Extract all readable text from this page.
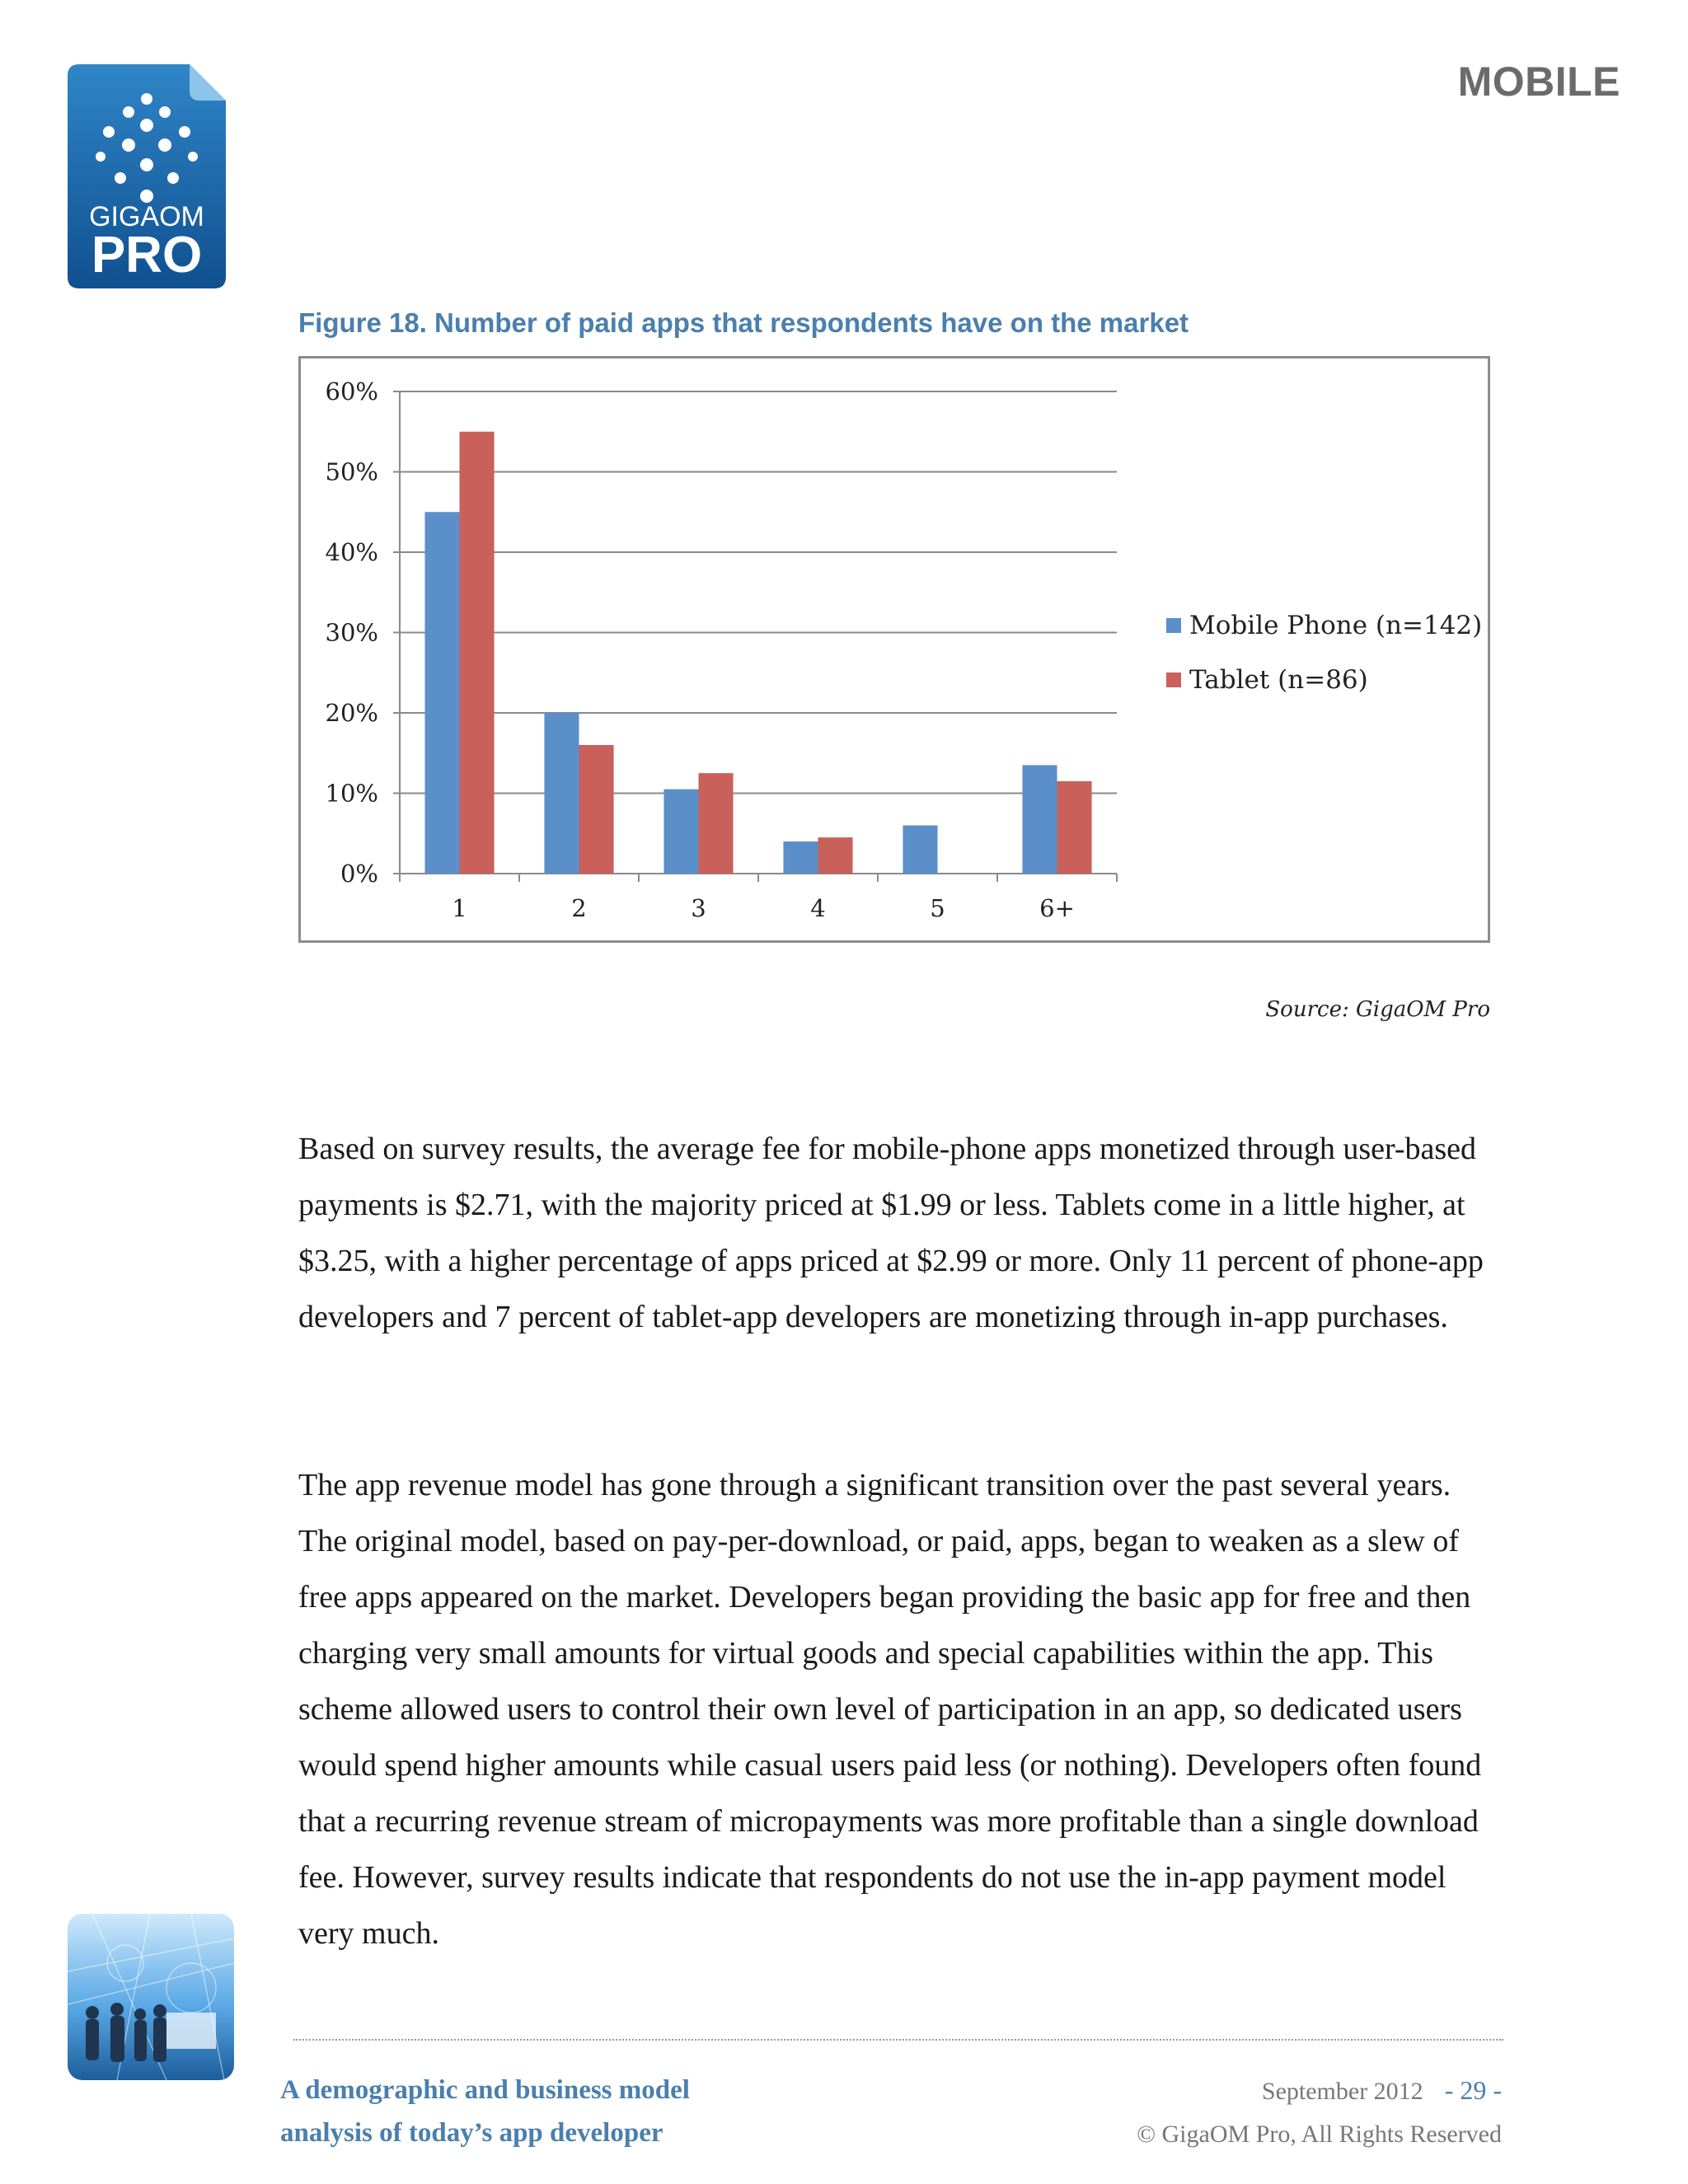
GIGAOM
PRO
MOBILE
Figure 18. Number of paid apps that respondents have on the market
0%
10%
20%
30%
40%
50%
60%
1	2	3	4	5	6+
Mobile Phone (n=142)
Tablet (n=86)
Source: GigaOM Pro

Based on survey results, the average fee for mobile-phone apps monetized through user-based payments is $2.71, with the majority priced at $1.99 or less. Tablets come in a little higher, at $3.25, with a higher percentage of apps priced at $2.99 or more. Only 11 percent of phone-app developers and 7 percent of tablet-app developers are monetizing through in-app purchases.

The app revenue model has gone through a significant transition over the past several years. The original model, based on pay-per-download, or paid, apps, began to weaken as a slew of free apps appeared on the market. Developers began providing the basic app for free and then charging very small amounts for virtual goods and special capabilities within the app. This scheme allowed users to control their own level of participation in an app, so dedicated users would spend higher amounts while casual users paid less (or nothing). Developers often found that a recurring revenue stream of micropayments was more profitable than a single download fee. However, survey results indicate that respondents do not use the in-app payment model very much.

A demographic and business model
analysis of today’s app developer
September 2012 - 29 -
© GigaOM Pro, All Rights Reserved
